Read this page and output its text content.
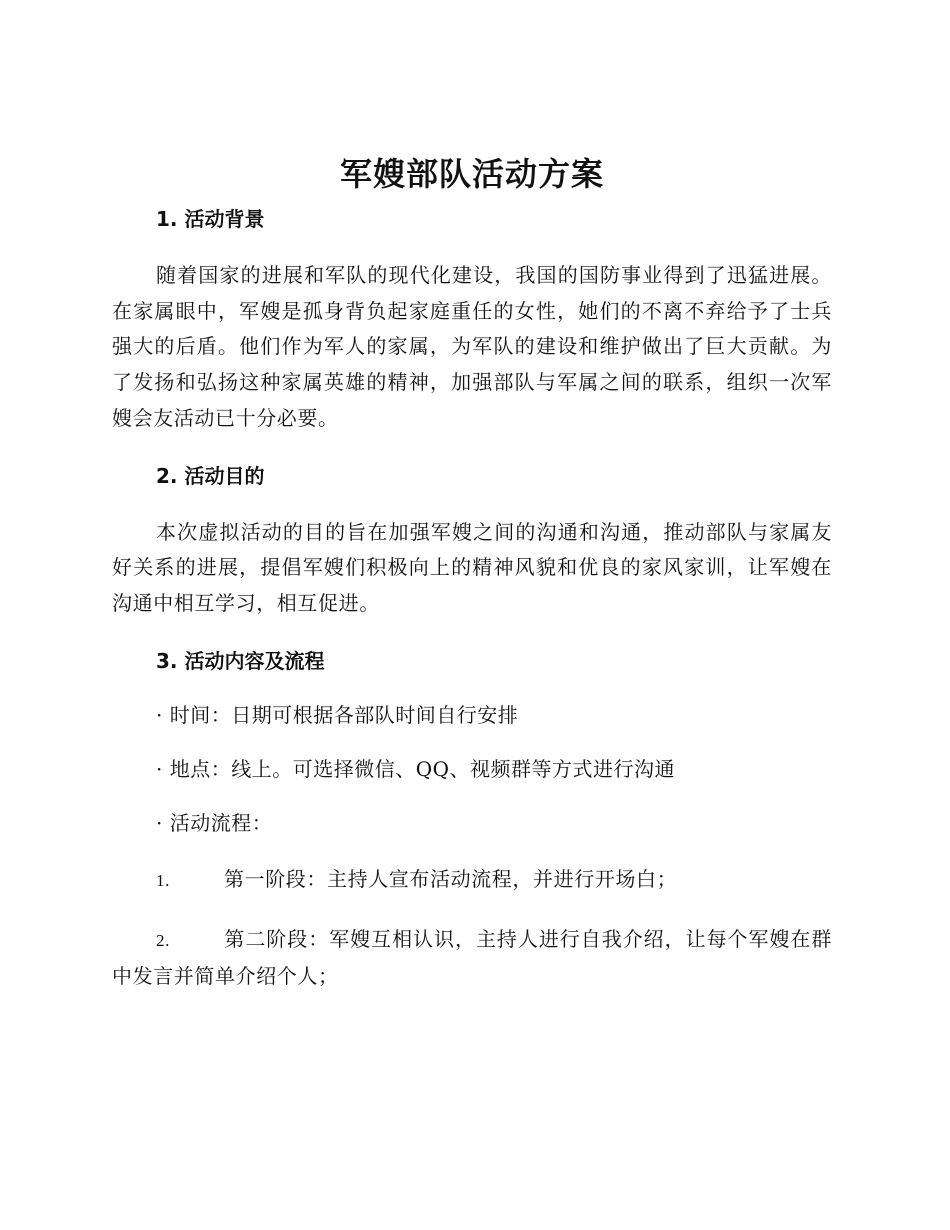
军嫂部队活动方案
1. 活动背景

随着国家的进展和军队的现代化建设，我国的国防事业得到了迅猛进展。在家属眼中，军嫂是孤身背负起家庭重任的女性，她们的不离不弃给予了士兵强大的后盾。他们作为军人的家属，为军队的建设和维护做出了巨大贡献。为了发扬和弘扬这种家属英雄的精神，加强部队与军属之间的联系，组织一次军嫂会友活动已十分必要。

2. 活动目的

本次虚拟活动的目的旨在加强军嫂之间的沟通和沟通，推动部队与家属友好关系的进展，提倡军嫂们积极向上的精神风貌和优良的家风家训，让军嫂在沟通中相互学习，相互促进。

3. 活动内容及流程
· 时间：日期可根据各部队时间自行安排
· 地点：线上。可选择微信、QQ、视频群等方式进行沟通
· 活动流程：
1.	第一阶段：主持人宣布活动流程，并进行开场白；
2.	第二阶段：军嫂互相认识，主持人进行自我介绍，让每个军嫂在群中发言并简单介绍个人；
